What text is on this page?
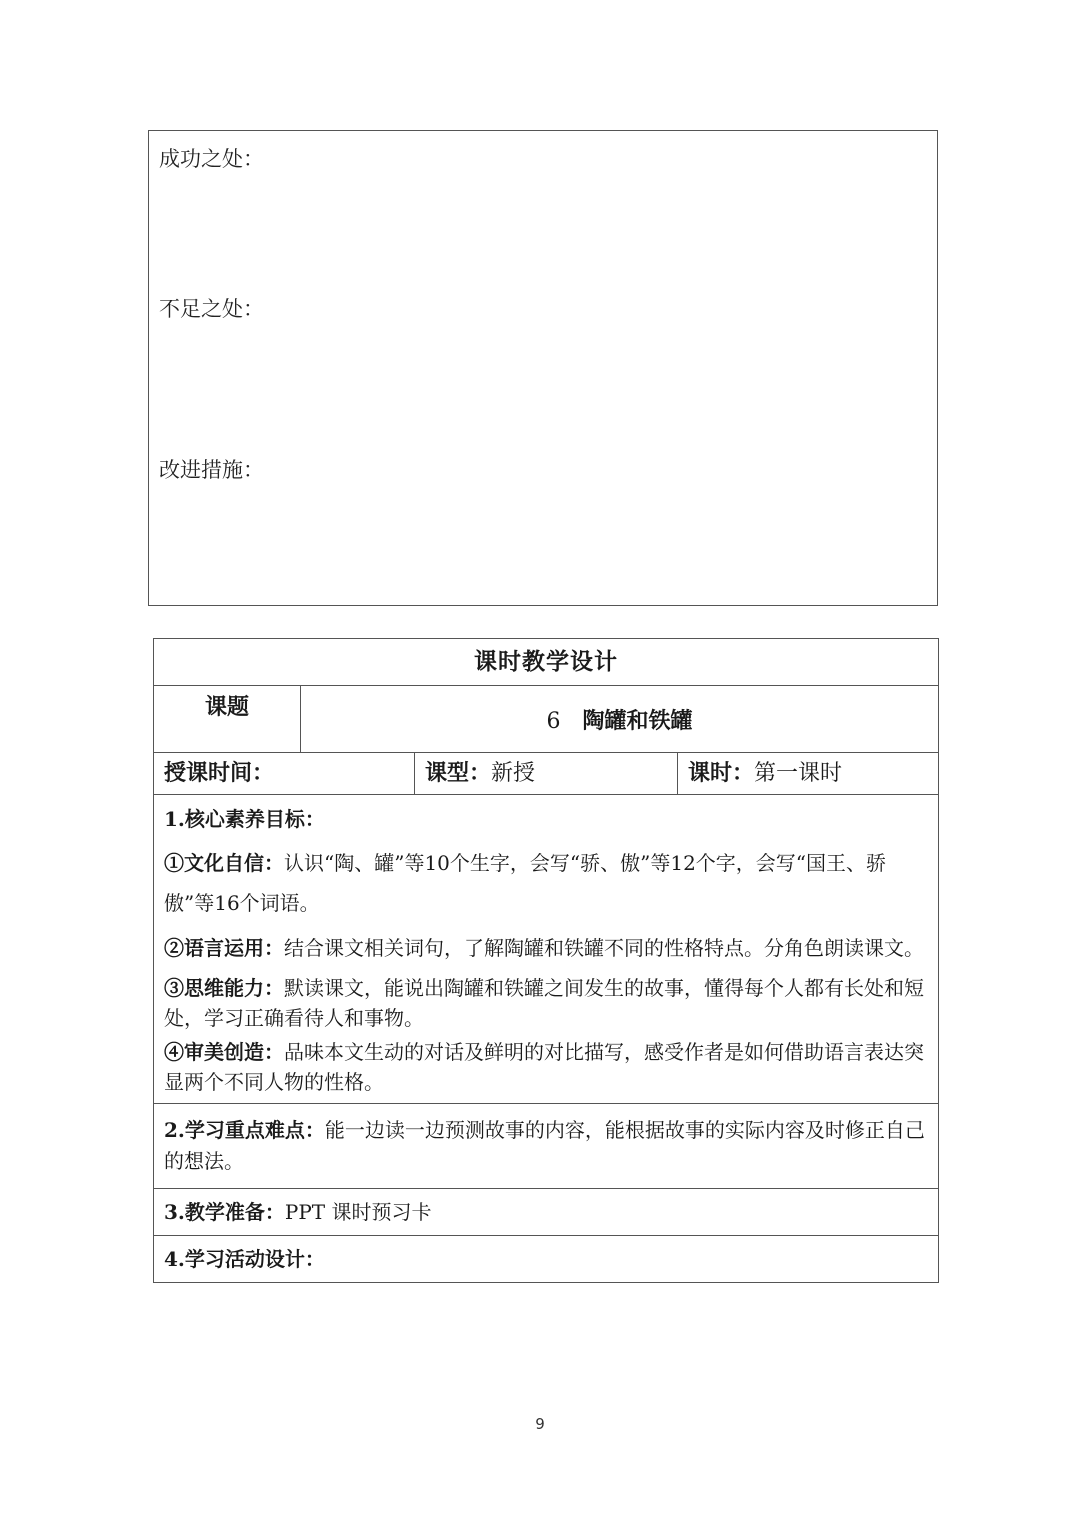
成功之处：
不足之处：
改进措施：
课时教学设计			
课题	6 陶罐和铁罐		
授课时间：		课型：新授	课时：第一课时

1.核心素养目标：

①文化自信：认识“陶、罐”等10个生字，会写“骄、傲”等12个字，会写“国王、骄傲”等16个词语。

②语言运用：结合课文相关词句，了解陶罐和铁罐不同的性格特点。分角色朗读课文。

③思维能力：默读课文，能说出陶罐和铁罐之间发生的故事，懂得每个人都有长处和短处，学习正确看待人和事物。

④审美创造：品味本文生动的对话及鲜明的对比描写，感受作者是如何借助语言表达突显两个不同人物的性格。			

2.学习重点难点：能一边读一边预测故事的内容，能根据故事的实际内容及时修正自己的想法。			
3.教学准备：PPT 课时预习卡			
4.学习活动设计：			
9
